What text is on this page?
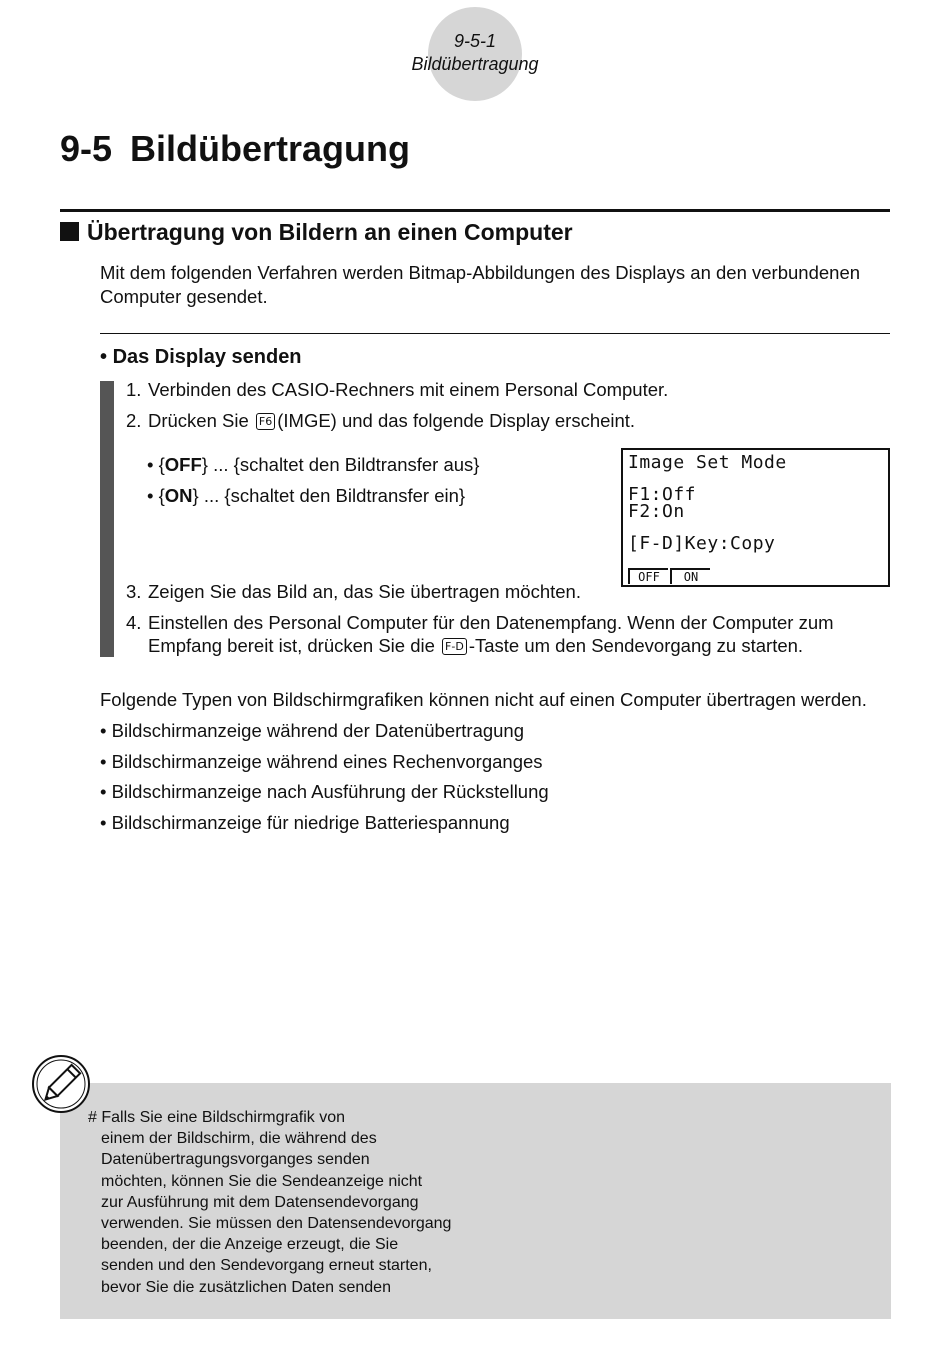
9-5-1
Bildübertragung
9-5 Bildübertragung
Übertragung von Bildern an einen Computer
Mit dem folgenden Verfahren werden Bitmap-Abbildungen des Displays an den verbundenen
Computer gesendet.
• Das Display senden
1. Verbinden des CASIO-Rechners mit einem Personal Computer.
2. Drücken Sie F6 (IMGE) und das folgende Display erscheint.
• {OFF} ... {schaltet den Bildtransfer aus}
• {ON} ... {schaltet den Bildtransfer ein}
Image Set Mode
F1:Off
F2:On
[F-D]Key:Copy
OFF ON
3. Zeigen Sie das Bild an, das Sie übertragen möchten.
4. Einstellen des Personal Computer für den Datenempfang. Wenn der Computer zum
Empfang bereit ist, drücken Sie die F-D -Taste um den Sendevorgang zu starten.
Folgende Typen von Bildschirmgrafiken können nicht auf einen Computer übertragen werden.
• Bildschirmanzeige während der Datenübertragung
• Bildschirmanzeige während eines Rechenvorganges
• Bildschirmanzeige nach Ausführung der Rückstellung
• Bildschirmanzeige für niedrige Batteriespannung
# Falls Sie eine Bildschirmgrafik von
einem der Bildschirm, die während des
Datenübertragungsvorganges senden
möchten, können Sie die Sendeanzeige nicht
zur Ausführung mit dem Datensendevorgang
verwenden. Sie müssen den Datensendevorgang
beenden, der die Anzeige erzeugt, die Sie
senden und den Sendevorgang erneut starten,
bevor Sie die zusätzlichen Daten senden
